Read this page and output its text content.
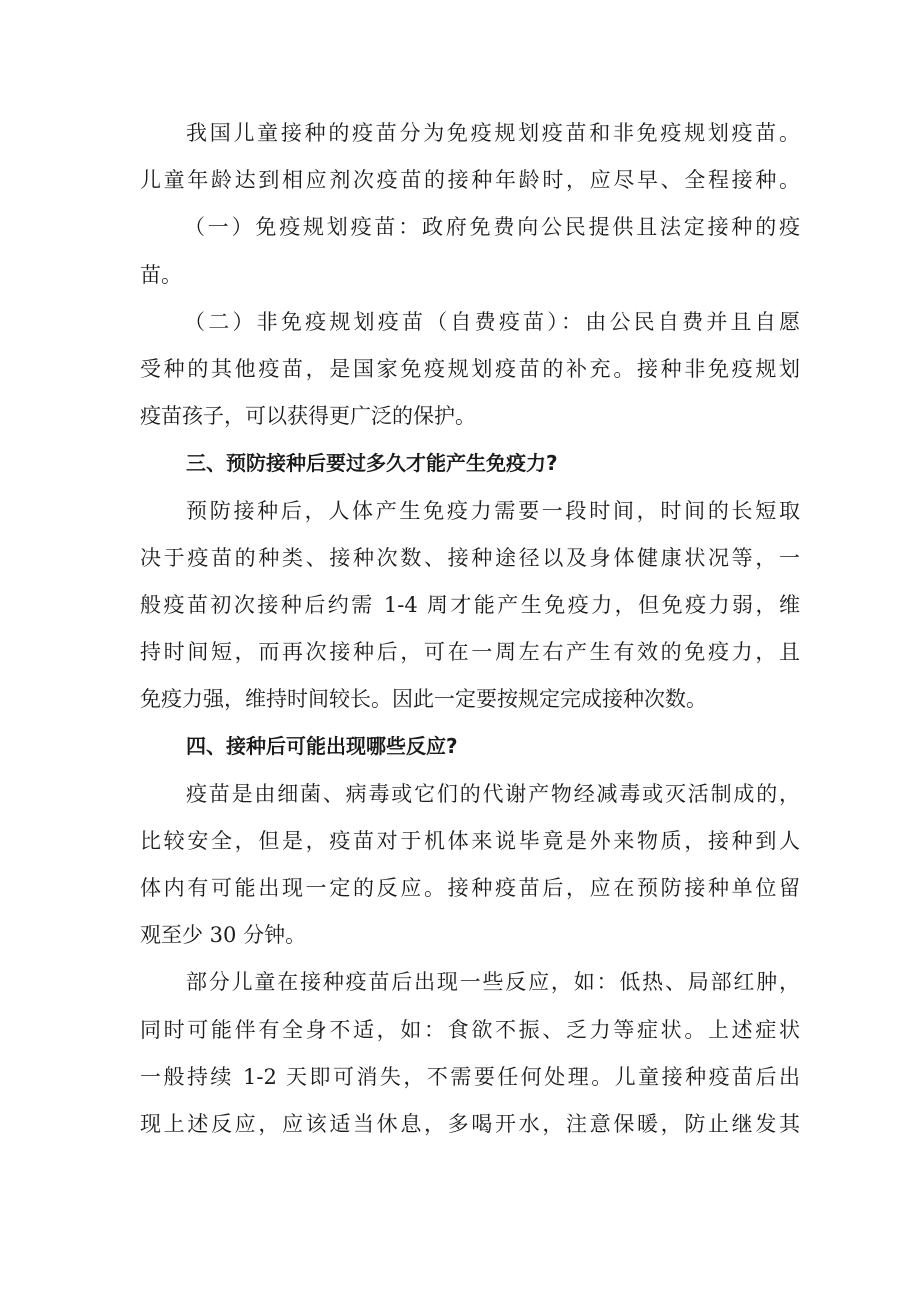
我国儿童接种的疫苗分为免疫规划疫苗和非免疫规划疫苗。
儿童年龄达到相应剂次疫苗的接种年龄时，应尽早、全程接种。
（一）免疫规划疫苗：政府免费向公民提供且法定接种的疫
苗。
（二）非免疫规划疫苗（自费疫苗）：由公民自费并且自愿
受种的其他疫苗，是国家免疫规划疫苗的补充。接种非免疫规划
疫苗孩子，可以获得更广泛的保护。
三、预防接种后要过多久才能产生免疫力?
预防接种后，人体产生免疫力需要一段时间，时间的长短取
决于疫苗的种类、接种次数、接种途径以及身体健康状况等，一
般疫苗初次接种后约需 1-4 周才能产生免疫力，但免疫力弱，维
持时间短，而再次接种后，可在一周左右产生有效的免疫力，且
免疫力强，维持时间较长。因此一定要按规定完成接种次数。
四、接种后可能出现哪些反应?
疫苗是由细菌、病毒或它们的代谢产物经减毒或灭活制成的，
比较安全，但是，疫苗对于机体来说毕竟是外来物质，接种到人
体内有可能出现一定的反应。接种疫苗后，应在预防接种单位留
观至少 30 分钟。
部分儿童在接种疫苗后出现一些反应，如：低热、局部红肿，
同时可能伴有全身不适，如：食欲不振、乏力等症状。上述症状
一般持续 1-2 天即可消失，不需要任何处理。儿童接种疫苗后出
现上述反应，应该适当休息，多喝开水，注意保暖，防止继发其
